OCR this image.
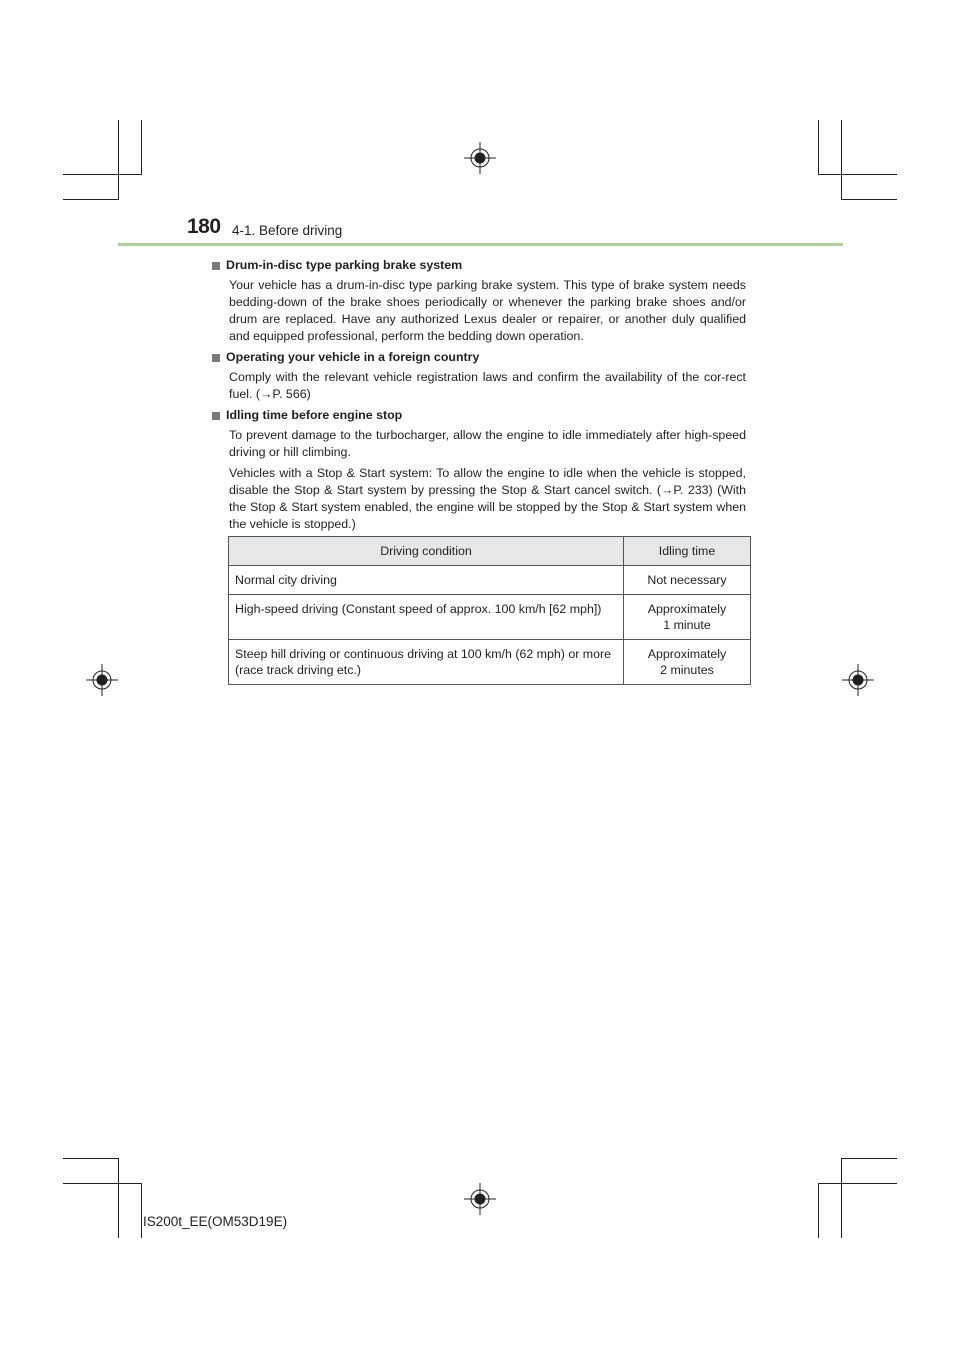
180 4-1. Before driving
Drum-in-disc type parking brake system

Your vehicle has a drum-in-disc type parking brake system. This type of brake system needs bedding-down of the brake shoes periodically or whenever the parking brake shoes and/or drum are replaced. Have any authorized Lexus dealer or repairer, or another duly qualified and equipped professional, perform the bedding down operation.

Operating your vehicle in a foreign country

Comply with the relevant vehicle registration laws and confirm the availability of the cor-rect fuel. (→P. 566)

Idling time before engine stop

To prevent damage to the turbocharger, allow the engine to idle immediately after high-speed driving or hill climbing.

Vehicles with a Stop & Start system: To allow the engine to idle when the vehicle is stopped, disable the Stop & Start system by pressing the Stop & Start cancel switch. (→P. 233) (With the Stop & Start system enabled, the engine will be stopped by the Stop & Start system when the vehicle is stopped.)

Driving condition	Idling time
Normal city driving	Not necessary
High-speed driving (Constant speed of approx. 100 km/h [62 mph])	Approximately
1 minute

Steep hill driving or continuous driving at 100 km/h (62 mph) or more (race track driving etc.)	Approximately
2 minutes
IS200t_EE(OM53D19E)
